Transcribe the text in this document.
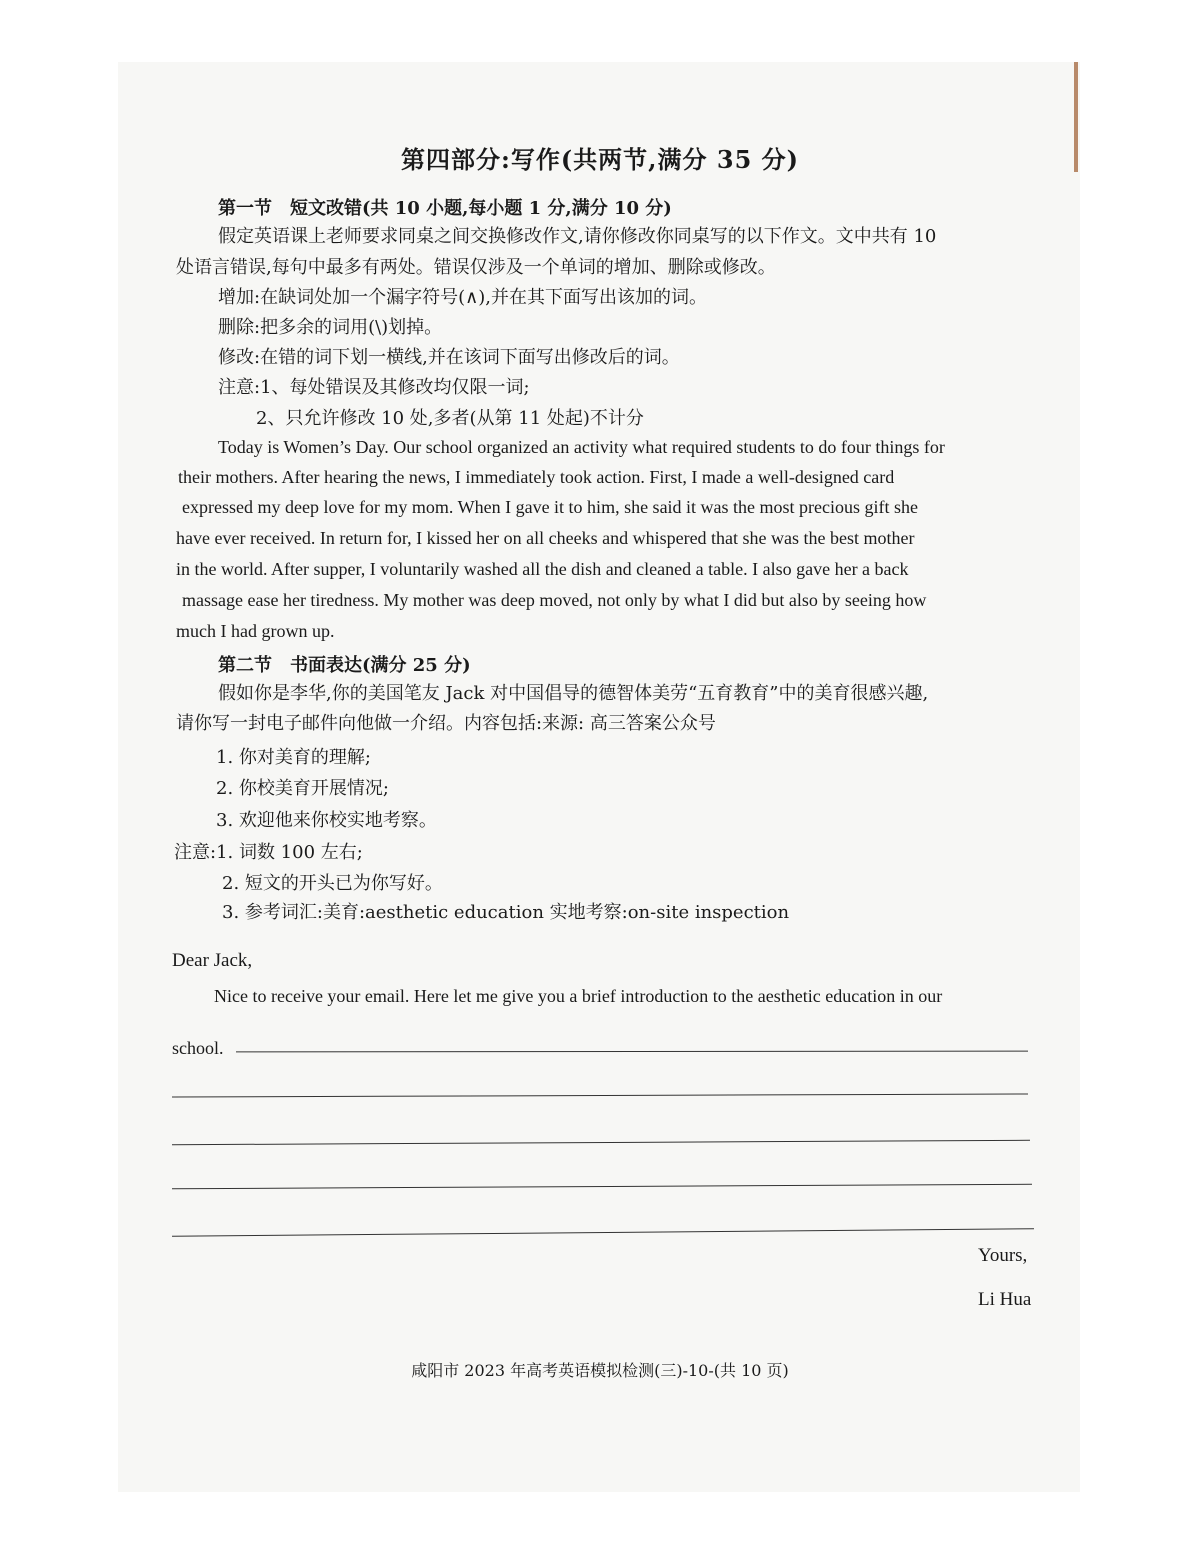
第四部分:写作(共两节,满分 35 分)
第一节　短文改错(共 10 小题,每小题 1 分,满分 10 分)
假定英语课上老师要求同桌之间交换修改作文,请你修改你同桌写的以下作文。文中共有 10
处语言错误,每句中最多有两处。错误仅涉及一个单词的增加、删除或修改。
增加:在缺词处加一个漏字符号(∧),并在其下面写出该加的词。
删除:把多余的词用(\)划掉。
修改:在错的词下划一横线,并在该词下面写出修改后的词。
注意:1、每处错误及其修改均仅限一词;
2、只允许修改 10 处,多者(从第 11 处起)不计分
Today is Women’s Day. Our school organized an activity what required students to do four things for
their mothers. After hearing the news, I immediately took action. First, I made a well-designed card
expressed my deep love for my mom. When I gave it to him, she said it was the most precious gift she
have ever received. In return for, I kissed her on all cheeks and whispered that she was the best mother
in the world. After supper, I voluntarily washed all the dish and cleaned a table. I also gave her a back
massage ease her tiredness. My mother was deep moved, not only by what I did but also by seeing how
much I had grown up.
第二节　书面表达(满分 25 分)
假如你是李华,你的美国笔友 Jack 对中国倡导的德智体美劳“五育教育”中的美育很感兴趣,
请你写一封电子邮件向他做一介绍。内容包括:来源: 高三答案公众号
1. 你对美育的理解;
2. 你校美育开展情况;
3. 欢迎他来你校实地考察。
注意:1. 词数 100 左右;
2. 短文的开头已为你写好。
3. 参考词汇:美育:aesthetic education 实地考察:on-site inspection
Dear Jack,
Nice to receive your email. Here let me give you a brief introduction to the aesthetic education in our
school.
Yours,
Li Hua
咸阳市 2023 年高考英语模拟检测(三)-10-(共 10 页)
